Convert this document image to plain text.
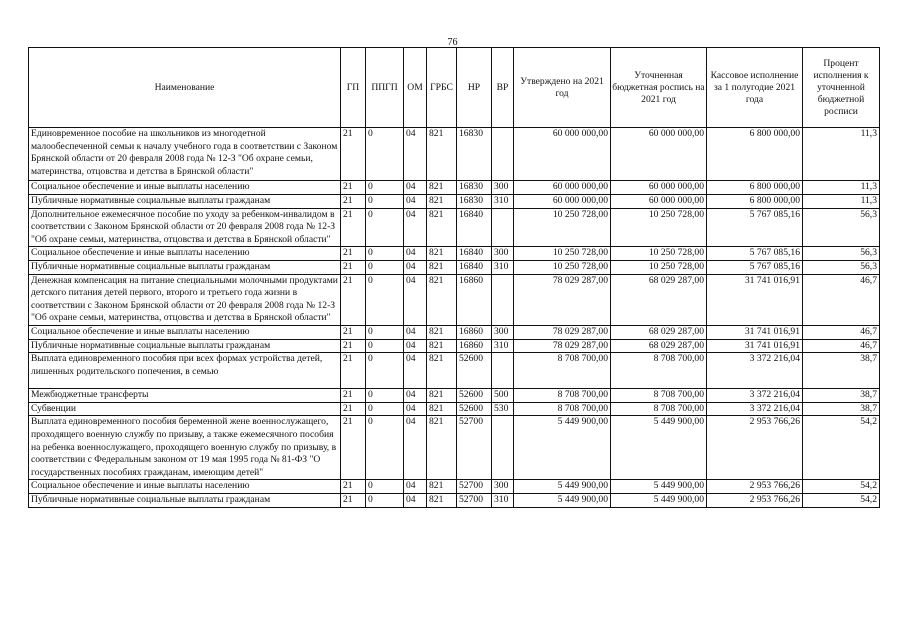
76
Наименование	ГП	ППГП	ОМ	ГРБС	НР	ВР	Утверждено на 2021 год	Уточненная бюджетная роспись на 2021 год	Кассовое исполнение за 1 полугодие 2021 года	Процент исполнения к уточненной бюджетной росписи
Единовременное пособие на школьников из многодетной малообеспеченной семьи к началу учебного года в соответствии с Законом Брянской области от 20 февраля 2008 года № 12-З "Об охране семьи, материнства, отцовства и детства в Брянской области"	21	0	04	821	16830		60 000 000,00	60 000 000,00	6 800 000,00	11,3
Социальное обеспечение и иные выплаты населению	21	0	04	821	16830	300	60 000 000,00	60 000 000,00	6 800 000,00	11,3
Публичные нормативные социальные выплаты гражданам	21	0	04	821	16830	310	60 000 000,00	60 000 000,00	6 800 000,00	11,3
Дополнительное ежемесячное пособие по уходу за ребенком-инвалидом в соответствии с Законом Брянской области от 20 февраля 2008 года № 12-З "Об охране семьи, материнства, отцовства и детства в Брянской области"	21	0	04	821	16840		10 250 728,00	10 250 728,00	5 767 085,16	56,3
Социальное обеспечение и иные выплаты населению	21	0	04	821	16840	300	10 250 728,00	10 250 728,00	5 767 085,16	56,3
Публичные нормативные социальные выплаты гражданам	21	0	04	821	16840	310	10 250 728,00	10 250 728,00	5 767 085,16	56,3
Денежная компенсация на питание специальными молочными продуктами детского питания детей первого, второго и третьего года жизни в соответствии с Законом Брянской области от 20 февраля 2008 года № 12-З "Об охране семьи, материнства, отцовства и детства в Брянской области"	21	0	04	821	16860		78 029 287,00	68 029 287,00	31 741 016,91	46,7
Социальное обеспечение и иные выплаты населению	21	0	04	821	16860	300	78 029 287,00	68 029 287,00	31 741 016,91	46,7
Публичные нормативные социальные выплаты гражданам	21	0	04	821	16860	310	78 029 287,00	68 029 287,00	31 741 016,91	46,7
Выплата единовременного пособия при всех формах устройства детей, лишенных родительского попечения, в семью	21	0	04	821	52600		8 708 700,00	8 708 700,00	3 372 216,04	38,7
Межбюджетные трансферты	21	0	04	821	52600	500	8 708 700,00	8 708 700,00	3 372 216,04	38,7
Субвенции	21	0	04	821	52600	530	8 708 700,00	8 708 700,00	3 372 216,04	38,7
Выплата единовременного пособия беременной жене военнослужащего, проходящего военную службу по призыву, а также ежемесячного пособия на ребенка военнослужащего, проходящего военную службу по призыву, в соответствии с Федеральным законом от 19 мая 1995 года № 81-ФЗ "О государственных пособиях гражданам, имеющим детей"	21	0	04	821	52700		5 449 900,00	5 449 900,00	2 953 766,26	54,2
Социальное обеспечение и иные выплаты населению	21	0	04	821	52700	300	5 449 900,00	5 449 900,00	2 953 766,26	54,2
Публичные нормативные социальные выплаты гражданам	21	0	04	821	52700	310	5 449 900,00	5 449 900,00	2 953 766,26	54,2
